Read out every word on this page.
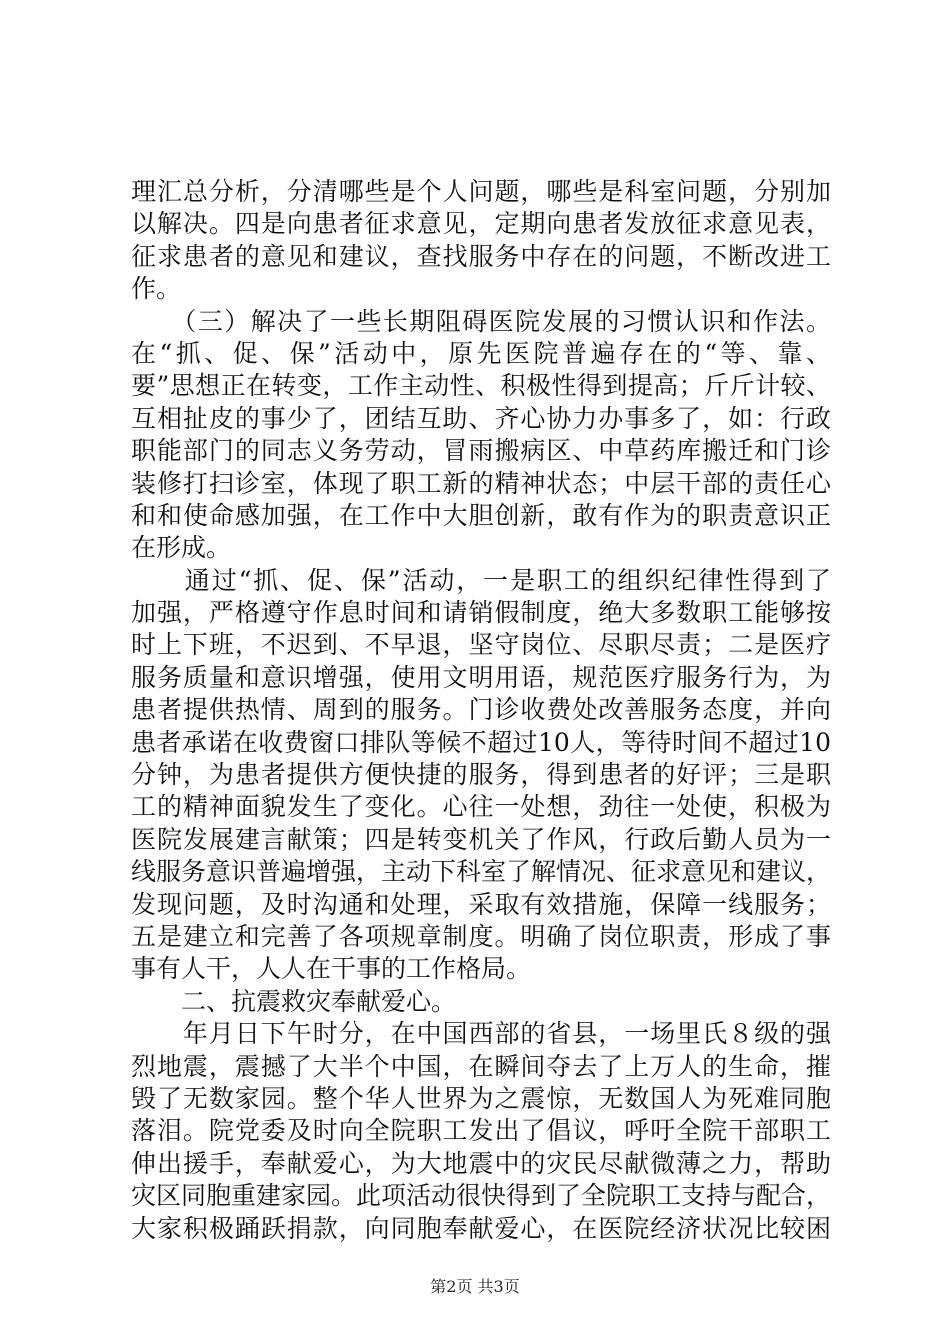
理汇总分析，分清哪些是个人问题，哪些是科室问题，分别加
以解决。四是向患者征求意见，定期向患者发放征求意见表，
征求患者的意见和建议，查找服务中存在的问题，不断改进工
作。
　　（三）解决了一些长期阻碍医院发展的习惯认识和作法。
在“抓、促、保”活动中，原先医院普遍存在的“等、靠、
要”思想正在转变，工作主动性、积极性得到提高；斤斤计较、
互相扯皮的事少了，团结互助、齐心协力办事多了，如：行政
职能部门的同志义务劳动，冒雨搬病区、中草药库搬迁和门诊
装修打扫诊室，体现了职工新的精神状态；中层干部的责任心
和和使命感加强，在工作中大胆创新，敢有作为的职责意识正
在形成。
　　通过“抓、促、保”活动，一是职工的组织纪律性得到了
加强，严格遵守作息时间和请销假制度，绝大多数职工能够按
时上下班，不迟到、不早退，坚守岗位、尽职尽责；二是医疗
服务质量和意识增强，使用文明用语，规范医疗服务行为，为
患者提供热情、周到的服务。门诊收费处改善服务态度，并向
患者承诺在收费窗口排队等候不超过10人，等待时间不超过10
分钟，为患者提供方便快捷的服务，得到患者的好评；三是职
工的精神面貌发生了变化。心往一处想，劲往一处使，积极为
医院发展建言献策；四是转变机关了作风，行政后勤人员为一
线服务意识普遍增强，主动下科室了解情况、征求意见和建议，
发现问题，及时沟通和处理，采取有效措施，保障一线服务；
五是建立和完善了各项规章制度。明确了岗位职责，形成了事
事有人干，人人在干事的工作格局。
　　二、抗震救灾奉献爱心。
　　年月日下午时分，在中国西部的省县，一场里氏８级的强
烈地震，震撼了大半个中国，在瞬间夺去了上万人的生命，摧
毁了无数家园。整个华人世界为之震惊，无数国人为死难同胞
落泪。院党委及时向全院职工发出了倡议，呼吁全院干部职工
伸出援手，奉献爱心，为大地震中的灾民尽献微薄之力，帮助
灾区同胞重建家园。此项活动很快得到了全院职工支持与配合，
大家积极踊跃捐款，向同胞奉献爱心，在医院经济状况比较困
第2页 共3页
